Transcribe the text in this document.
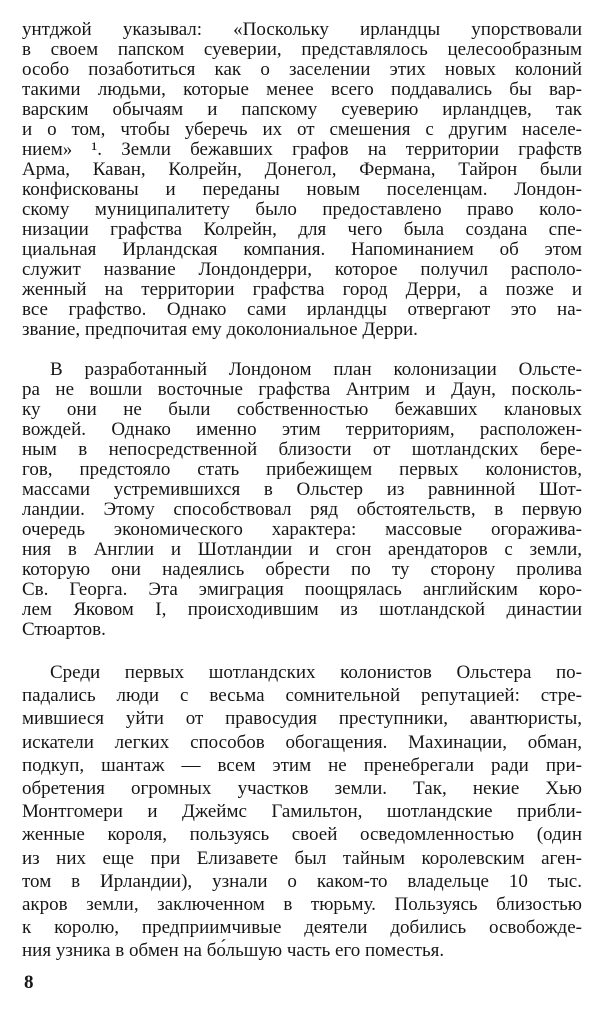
унтджой указывал: «Поскольку ирландцы упорствовали
в своем папском суеверии, представлялось целесообразным
особо позаботиться как о заселении этих новых колоний
такими людьми, которые менее всего поддавались бы вар-
варским обычаям и папскому суеверию ирландцев, так
и о том, чтобы уберечь их от смешения с другим населе-
нием» ¹. Земли бежавших графов на территории графств
Арма, Каван, Колрейн, Донегол, Фермана, Тайрон были
конфискованы и переданы новым поселенцам. Лондон-
скому муниципалитету было предоставлено право коло-
низации графства Колрейн, для чего была создана спе-
циальная Ирландская компания. Напоминанием об этом
служит название Лондондерри, которое получил располо-
женный на территории графства город Дерри, а позже и
все графство. Однако сами ирландцы отвергают это на-
звание, предпочитая ему доколониальное Дерри.
В разработанный Лондоном план колонизации Ольсте-
ра не вошли восточные графства Антрим и Даун, посколь-
ку они не были собственностью бежавших клановых
вождей. Однако именно этим территориям, расположен-
ным в непосредственной близости от шотландских бере-
гов, предстояло стать прибежищем первых колонистов,
массами устремившихся в Ольстер из равнинной Шот-
ландии. Этому способствовал ряд обстоятельств, в первую
очередь экономического характера: массовые огоражива-
ния в Англии и Шотландии и сгон арендаторов с земли,
которую они надеялись обрести по ту сторону пролива
Св. Георга. Эта эмиграция поощрялась английским коро-
лем Яковом I, происходившим из шотландской династии
Стюартов.
Среди первых шотландских колонистов Ольстера по-
падались люди с весьма сомнительной репутацией: стре-
мившиеся уйти от правосудия преступники, авантюристы,
искатели легких способов обогащения. Махинации, обман,
подкуп, шантаж — всем этим не пренебрегали ради при-
обретения огромных участков земли. Так, некие Хью
Монтгомери и Джеймс Гамильтон, шотландские прибли-
женные короля, пользуясь своей осведомленностью (один
из них еще при Елизавете был тайным королевским аген-
том в Ирландии), узнали о каком-то владельце 10 тыс.
акров земли, заключенном в тюрьму. Пользуясь близостью
к королю, предприимчивые деятели добились освобожде-
ния узника в обмен на бо́льшую часть его поместья.
8
